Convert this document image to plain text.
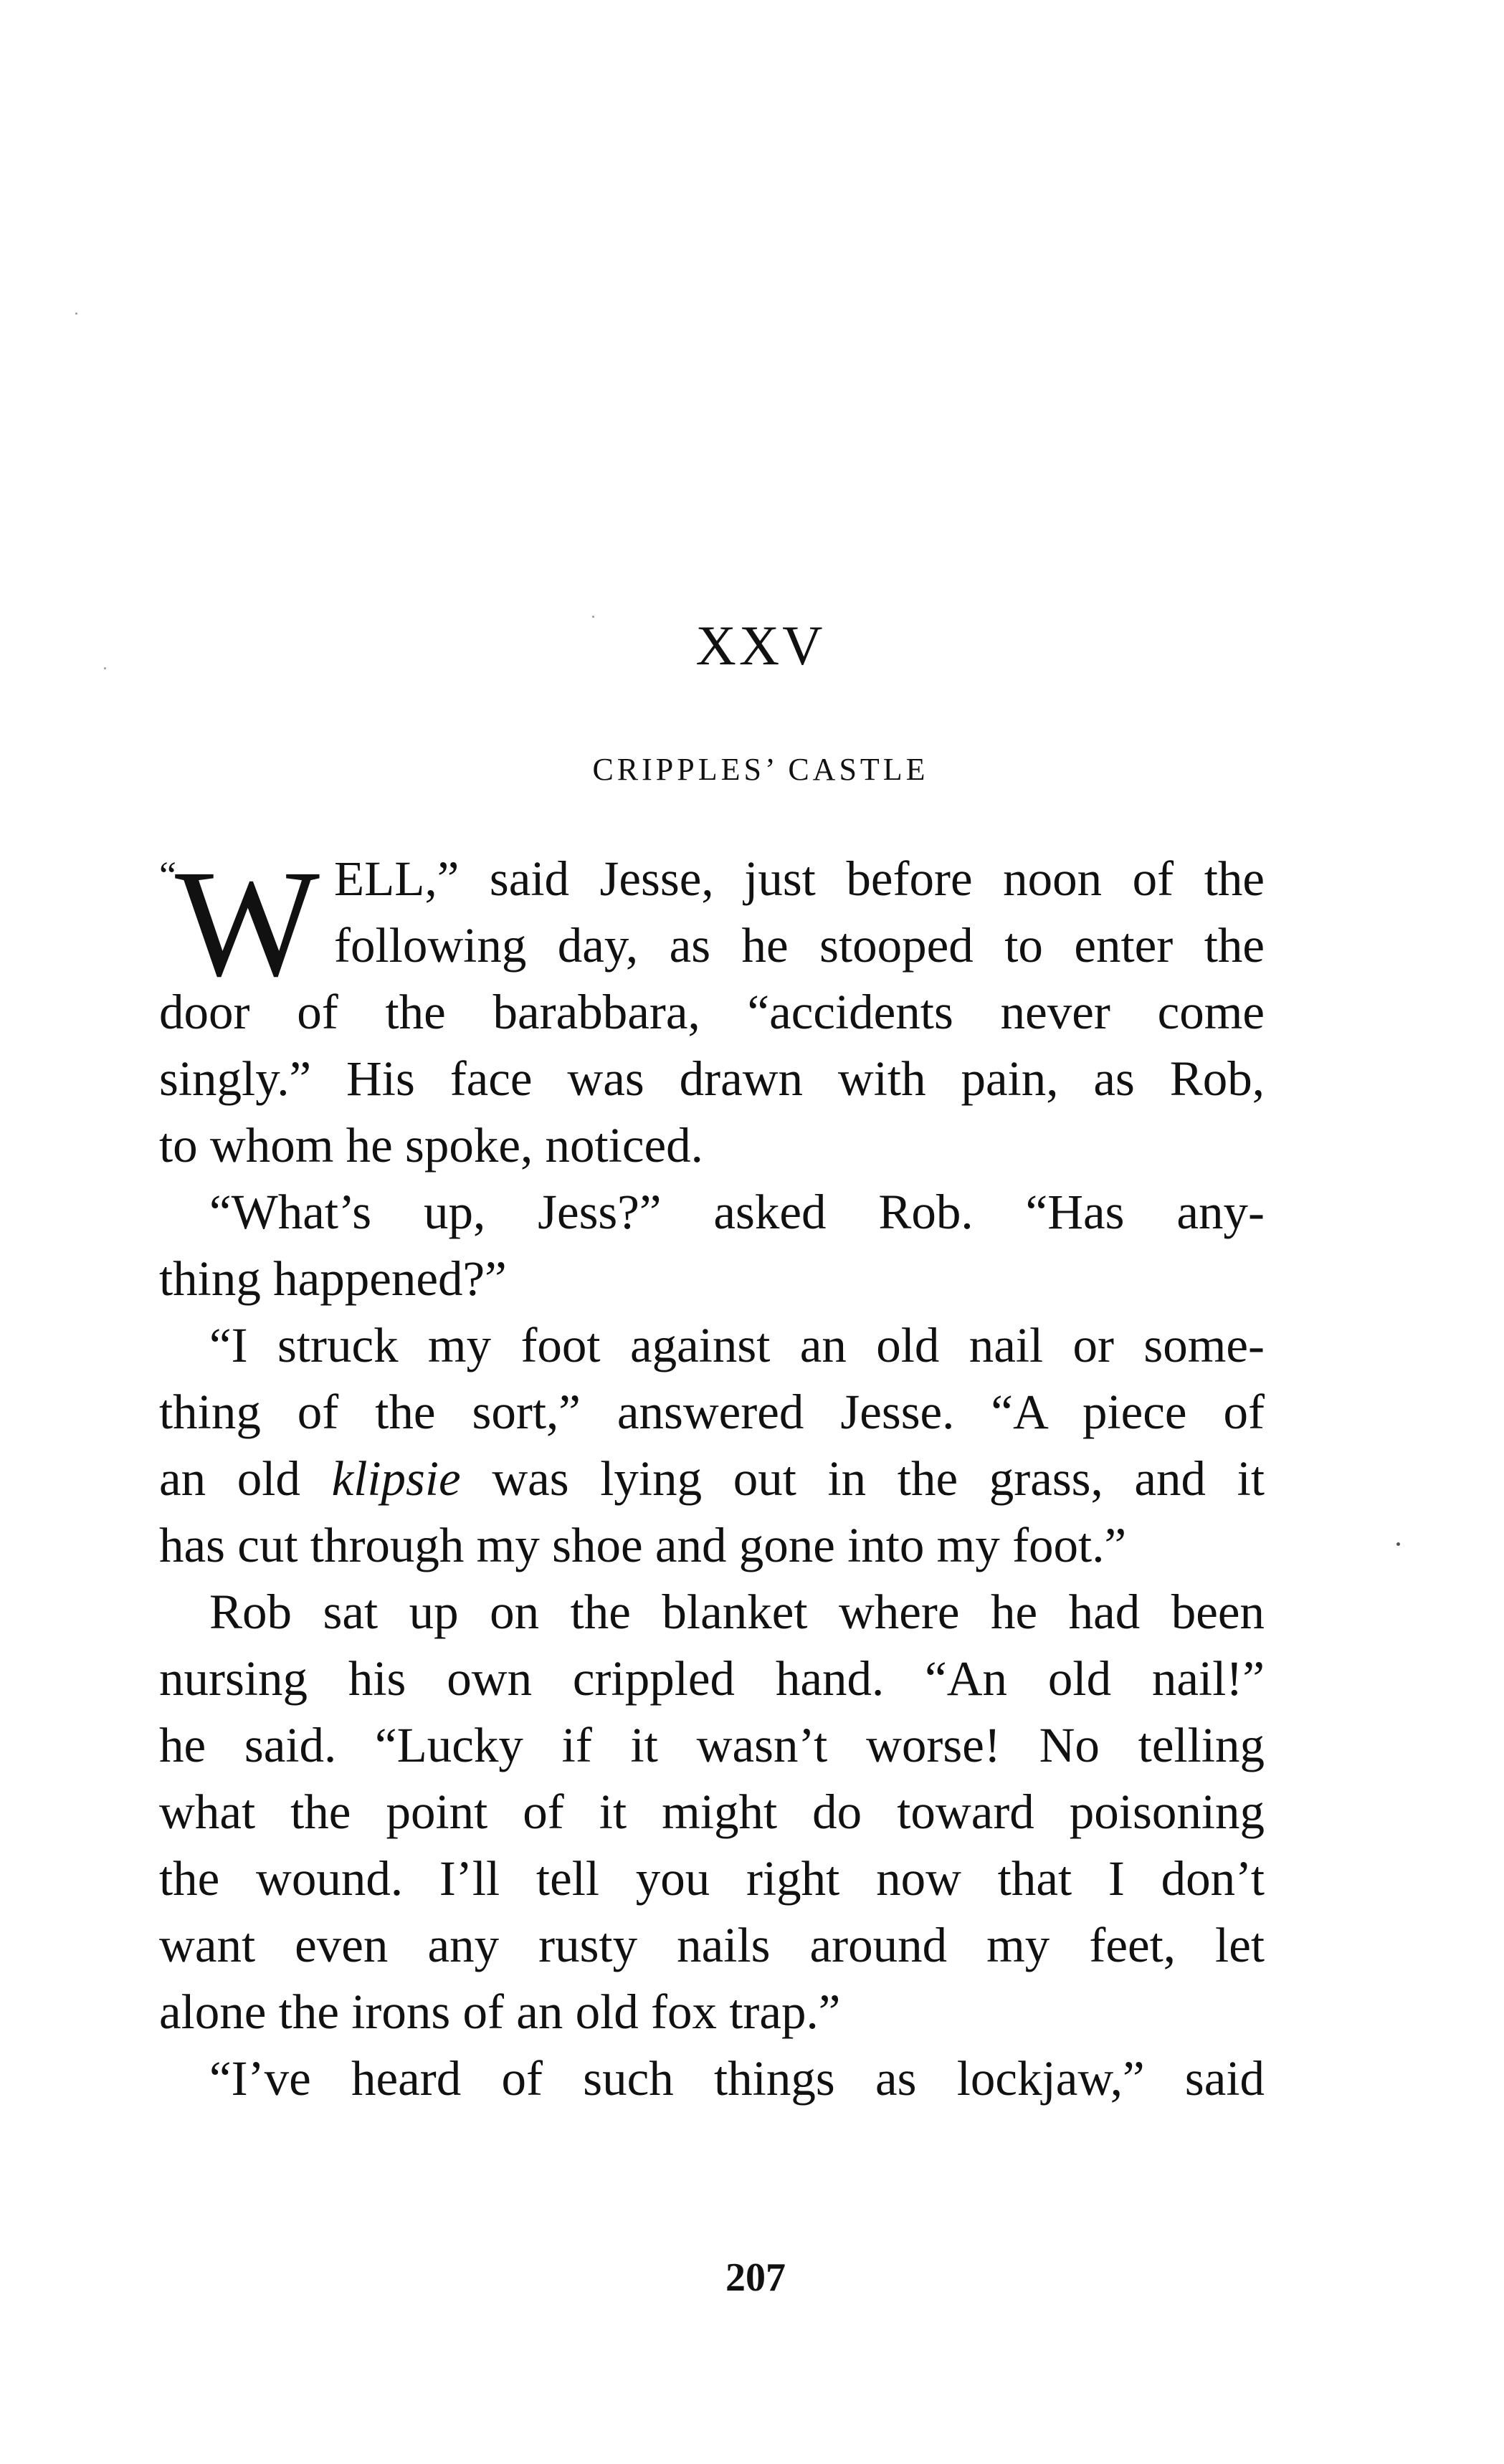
XXV
CRIPPLES’ CASTLE
“
W ELL,” said Jesse, just before noon of the
following day, as he stooped to enter the
door of the barabbara, “accidents never come
singly.” His face was drawn with pain, as Rob,
to whom he spoke, noticed.
“What’s up, Jess?” asked Rob. “Has any-
thing happened?”
“I struck my foot against an old nail or some-
thing of the sort,” answered Jesse. “A piece of
an old klipsie was lying out in the grass, and it
has cut through my shoe and gone into my foot.”
Rob sat up on the blanket where he had been
nursing his own crippled hand. “An old nail!”
he said. “Lucky if it wasn’t worse! No telling
what the point of it might do toward poisoning
the wound. I’ll tell you right now that I don’t
want even any rusty nails around my feet, let
alone the irons of an old fox trap.”
“I’ve heard of such things as lockjaw,” said
207
